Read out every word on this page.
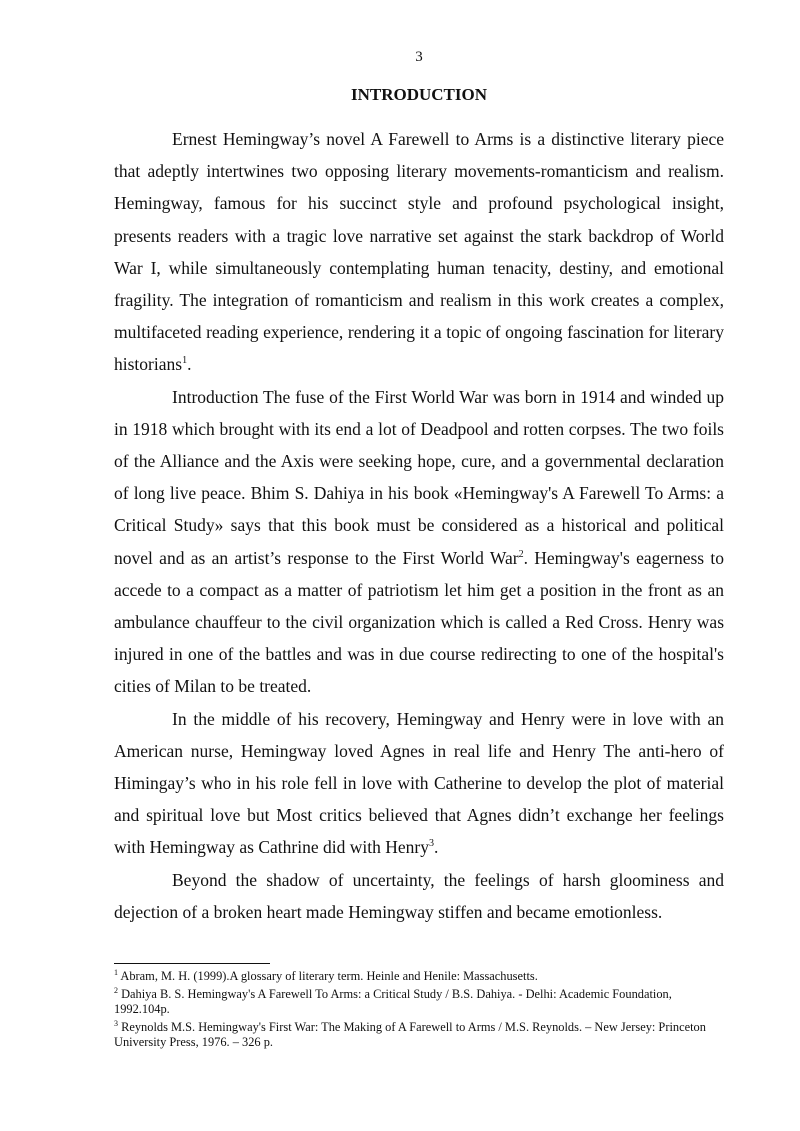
3
INTRODUCTION

Ernest Hemingway’s novel A Farewell to Arms is a distinctive literary piece that adeptly intertwines two opposing literary movements-romanticism and realism. Hemingway, famous for his succinct style and profound psychological insight, presents readers with a tragic love narrative set against the stark backdrop of World War I, while simultaneously contemplating human tenacity, destiny, and emotional fragility. The integration of romanticism and realism in this work creates a complex, multifaceted reading experience, rendering it a topic of ongoing fascination for literary historians$^1$.

Introduction The fuse of the First World War was born in 1914 and winded up in 1918 which brought with its end a lot of Deadpool and rotten corpses. The two foils of the Alliance and the Axis were seeking hope, cure, and a governmental declaration of long live peace. Bhim S. Dahiya in his book «Hemingway's A Farewell To Arms: a Critical Study» says that this book must be considered as a historical and political novel and as an artist’s response to the First World War$^2$. Hemingway's eagerness to accede to a compact as a matter of patriotism let him get a position in the front as an ambulance chauffeur to the civil organization which is called a Red Cross. Henry was injured in one of the battles and was in due course redirecting to one of the hospital's cities of Milan to be treated.

In the middle of his recovery, Hemingway and Henry were in love with an American nurse, Hemingway loved Agnes in real life and Henry The anti-hero of Himingay’s who in his role fell in love with Catherine to develop the plot of material and spiritual love but Most critics believed that Agnes didn’t exchange her feelings with Hemingway as Cathrine did with Henry$^3$.

Beyond the shadow of uncertainty, the feelings of harsh gloominess and dejection of a broken heart made Hemingway stiffen and became emotionless.

$^1$ Abram, M. H. (1999).A glossary of literary term. Heinle and Henile: Massachusetts.

$^2$ Dahiya B. S. Hemingway's A Farewell To Arms: a Critical Study / B.S. Dahiya. - Delhi: Academic Foundation, 1992.104p.

$^3$ Reynolds M.S. Hemingway's First War: The Making of A Farewell to Arms / M.S. Reynolds. – New Jersey: Princeton University Press, 1976. – 326 p.
